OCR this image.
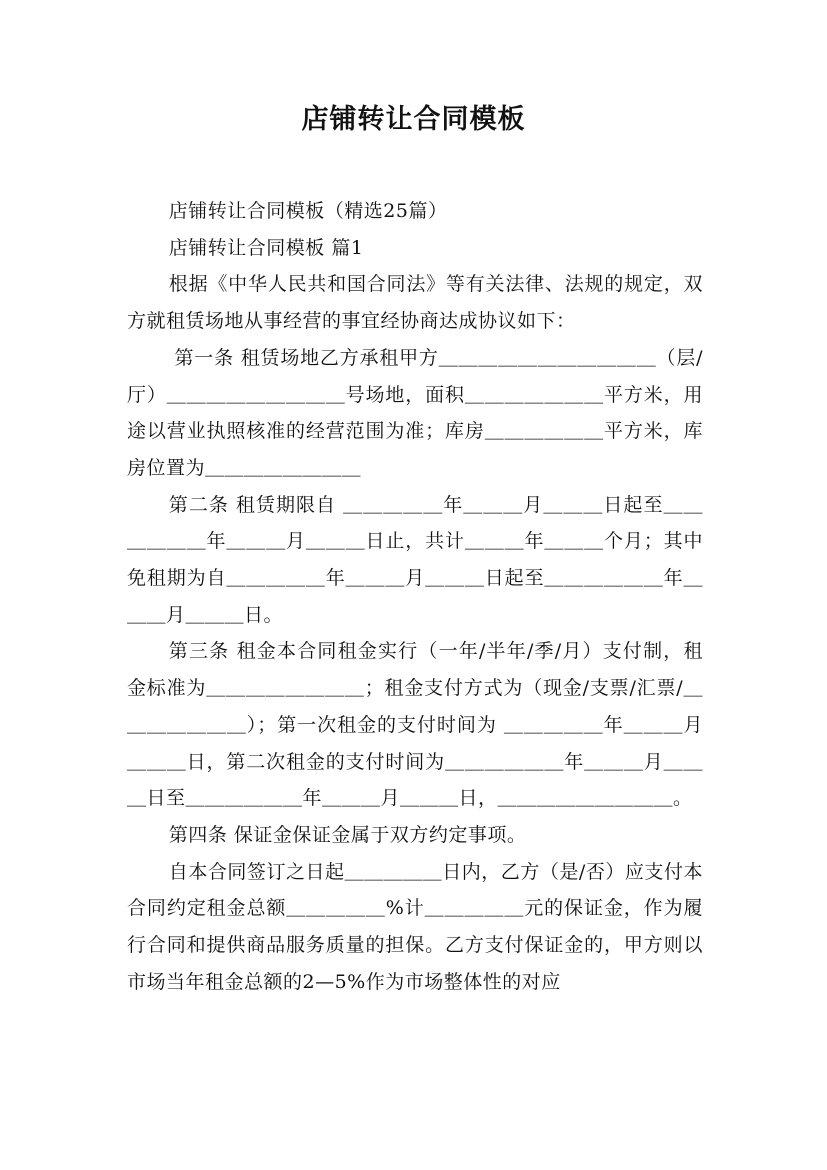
店铺转让合同模板

店铺转让合同模板（精选25篇）

店铺转让合同模板 篇1

根据《中华人民共和国合同法》等有关法律、法规的规定，双方就租赁场地从事经营的事宜经协商达成协议如下：

第一条 租赁场地乙方承租甲方＿＿＿＿＿＿＿＿＿＿＿（层/厅）＿＿＿＿＿＿＿＿＿号场地，面积＿＿＿＿＿＿＿平方米，用途以营业执照核准的经营范围为准；库房＿＿＿＿＿＿平方米，库房位置为＿＿＿＿＿＿＿＿

第二条 租赁期限自 ＿＿＿＿＿年＿＿＿月＿＿＿日起至＿＿＿＿＿＿年＿＿＿月＿＿＿日止，共计＿＿＿年＿＿＿个月；其中免租期为自＿＿＿＿＿年＿＿＿月＿＿＿日起至＿＿＿＿＿＿年＿＿＿月＿＿＿日。

第三条 租金本合同租金实行（一年/半年/季/月）支付制，租金标准为＿＿＿＿＿＿＿＿；租金支付方式为（现金/支票/汇票/＿＿＿＿＿＿＿）；第一次租金的支付时间为 ＿＿＿＿＿年＿＿＿月＿＿＿日，第二次租金的支付时间为＿＿＿＿＿＿年＿＿＿月＿＿＿日至＿＿＿＿＿＿年＿＿＿月＿＿＿日，＿＿＿＿＿＿＿＿＿。

第四条 保证金保证金属于双方约定事项。

自本合同签订之日起＿＿＿＿＿日内，乙方（是/否）应支付本合同约定租金总额＿＿＿＿＿%计＿＿＿＿＿元的保证金，作为履行合同和提供商品服务质量的担保。乙方支付保证金的，甲方则以市场当年租金总额的2—5%作为市场整体性的对应
